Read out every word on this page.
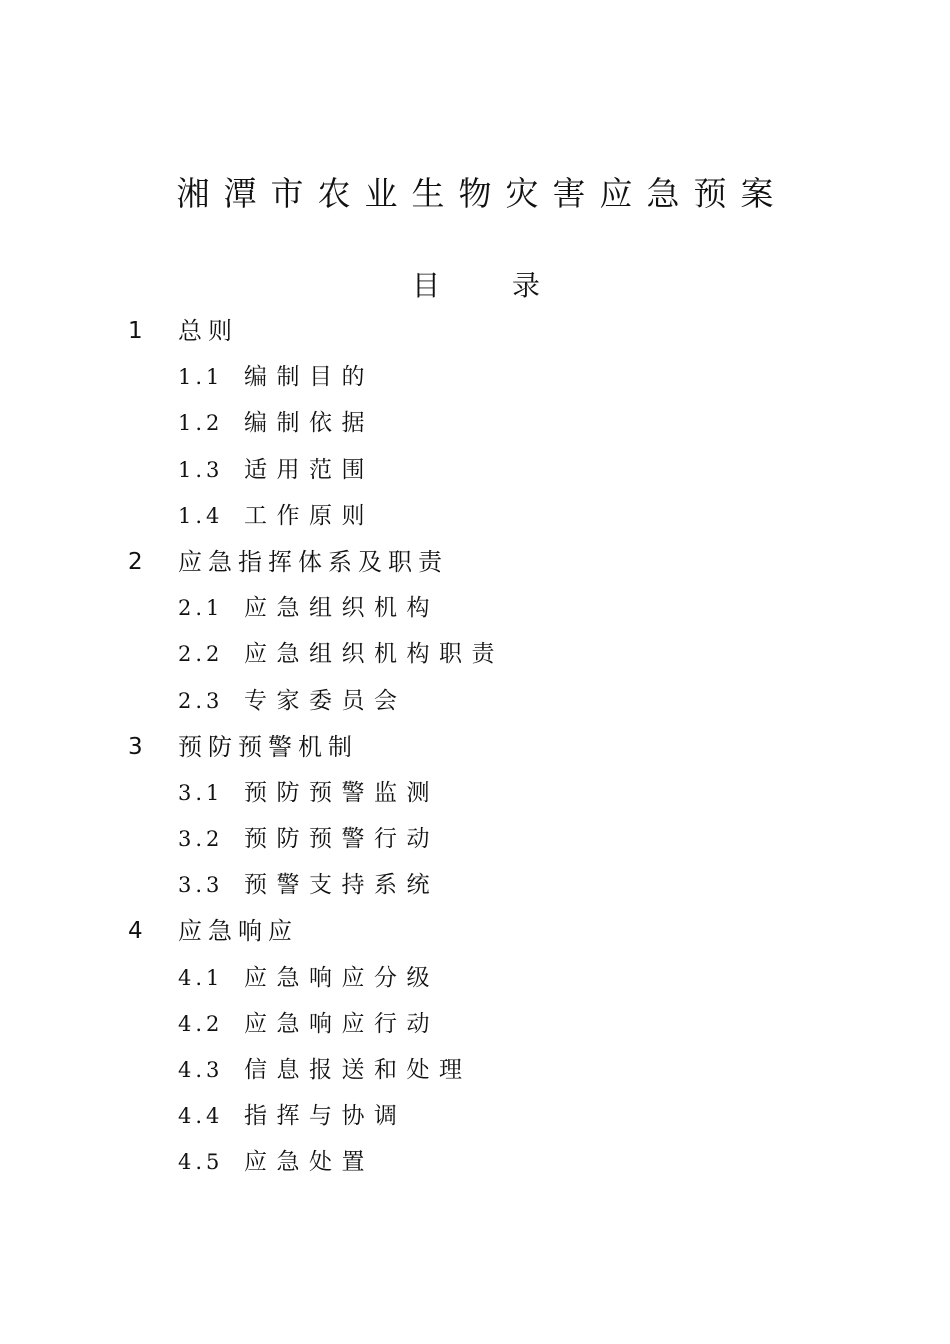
湘潭市农业生物灾害应急预案
目	录
1 总则
1.1 编制目的
1.2 编制依据
1.3 适用范围
1.4 工作原则
2 应急指挥体系及职责
2.1 应急组织机构
2.2 应急组织机构职责
2.3 专家委员会
3 预防预警机制
3.1 预防预警监测
3.2 预防预警行动
3.3 预警支持系统
4 应急响应
4.1 应急响应分级
4.2 应急响应行动
4.3 信息报送和处理
4.4 指挥与协调
4.5 应急处置
